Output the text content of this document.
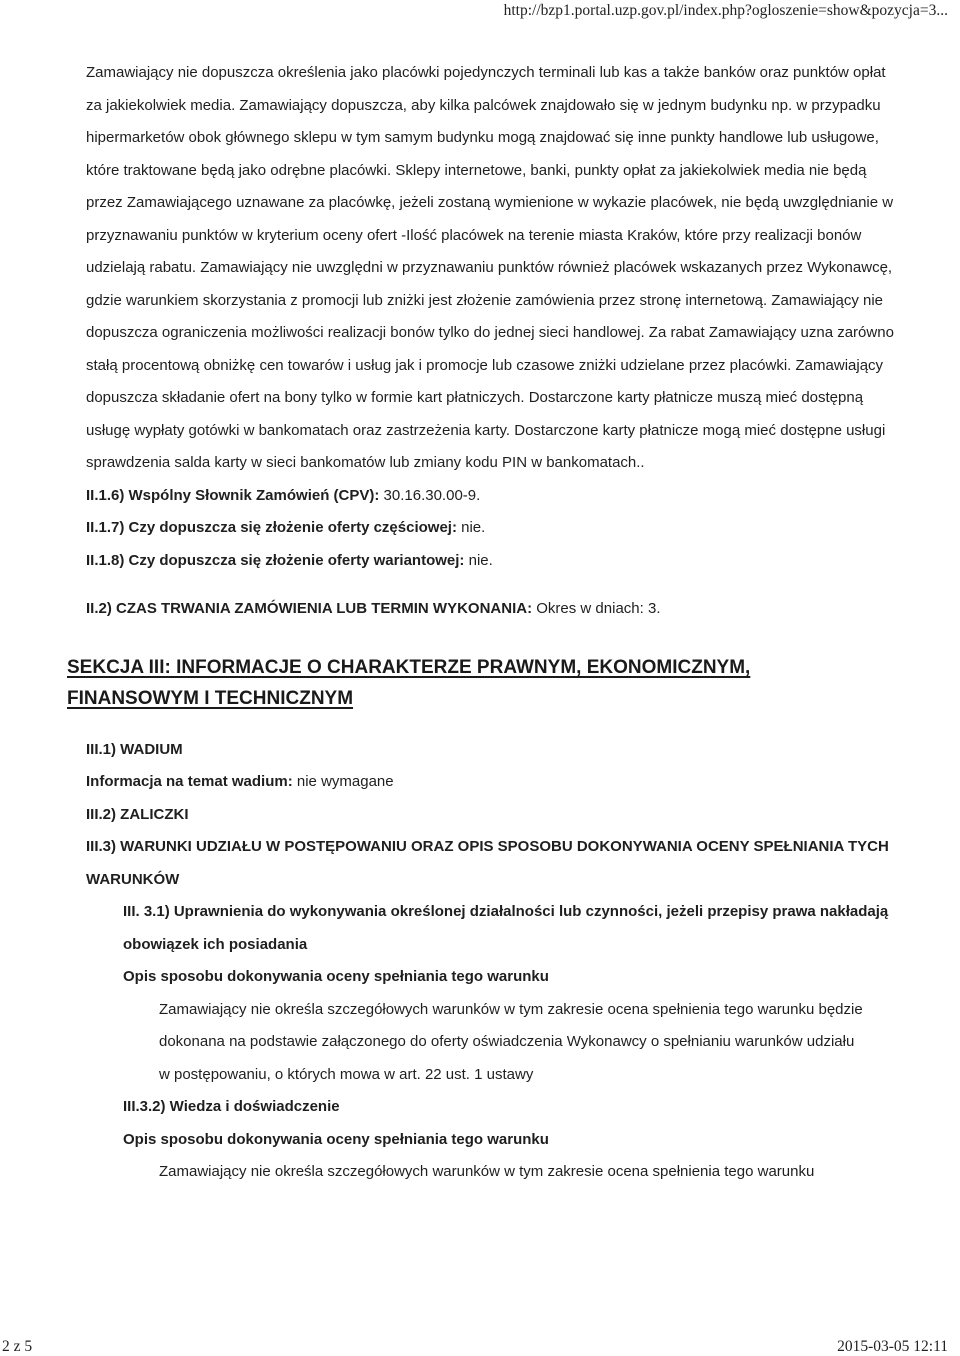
http://bzp1.portal.uzp.gov.pl/index.php?ogloszenie=show&pozycja=3...

Zamawiający nie dopuszcza określenia jako placówki pojedynczych terminali lub kas a także banków oraz punktów opłat za jakiekolwiek media. Zamawiający dopuszcza, aby kilka palcówek znajdowało się w jednym budynku np. w przypadku hipermarketów obok głównego sklepu w tym samym budynku mogą znajdować się inne punkty handlowe lub usługowe, które traktowane będą jako odrębne placówki. Sklepy internetowe, banki, punkty opłat za jakiekolwiek media nie będą przez Zamawiającego uznawane za placówkę, jeżeli zostaną wymienione w wykazie placówek, nie będą uwzględnianie w przyznawaniu punktów w kryterium oceny ofert -Ilość placówek na terenie miasta Kraków, które przy realizacji bonów udzielają rabatu. Zamawiający nie uwzględni w przyznawaniu punktów również placówek wskazanych przez Wykonawcę, gdzie warunkiem skorzystania z promocji lub zniżki jest złożenie zamówienia przez stronę internetową. Zamawiający nie dopuszcza ograniczenia możliwości realizacji bonów tylko do jednej sieci handlowej. Za rabat Zamawiający uzna zarówno stałą procentową obniżkę cen towarów i usług jak i promocje lub czasowe zniżki udzielane przez placówki. Zamawiający dopuszcza składanie ofert na bony tylko w formie kart płatniczych. Dostarczone karty płatnicze muszą mieć dostępną usługę wypłaty gotówki w bankomatach oraz zastrzeżenia karty. Dostarczone karty płatnicze mogą mieć dostępne usługi sprawdzenia salda karty w sieci bankomatów lub zmiany kodu PIN w bankomatach..

II.1.6) Wspólny Słownik Zamówień (CPV): 30.16.30.00-9.

II.1.7) Czy dopuszcza się złożenie oferty częściowej: nie.

II.1.8) Czy dopuszcza się złożenie oferty wariantowej: nie.

II.2) CZAS TRWANIA ZAMÓWIENIA LUB TERMIN WYKONANIA: Okres w dniach: 3.

SEKCJA III: INFORMACJE O CHARAKTERZE PRAWNYM, EKONOMICZNYM, FINANSOWYM I TECHNICZNYM

III.1) WADIUM

Informacja na temat wadium: nie wymagane

III.2) ZALICZKI

III.3) WARUNKI UDZIAŁU W POSTĘPOWANIU ORAZ OPIS SPOSOBU DOKONYWANIA OCENY SPEŁNIANIA TYCH WARUNKÓW

III. 3.1) Uprawnienia do wykonywania określonej działalności lub czynności, jeżeli przepisy prawa nakładają obowiązek ich posiadania

Opis sposobu dokonywania oceny spełniania tego warunku

Zamawiający nie określa szczegółowych warunków w tym zakresie ocena spełnienia tego warunku będzie dokonana na podstawie załączonego do oferty oświadczenia Wykonawcy o spełnianiu warunków udziału w postępowaniu, o których mowa w art. 22 ust. 1 ustawy

III.3.2) Wiedza i doświadczenie

Opis sposobu dokonywania oceny spełniania tego warunku

Zamawiający nie określa szczegółowych warunków w tym zakresie ocena spełnienia tego warunku

2 z 5	2015-03-05 12:11
